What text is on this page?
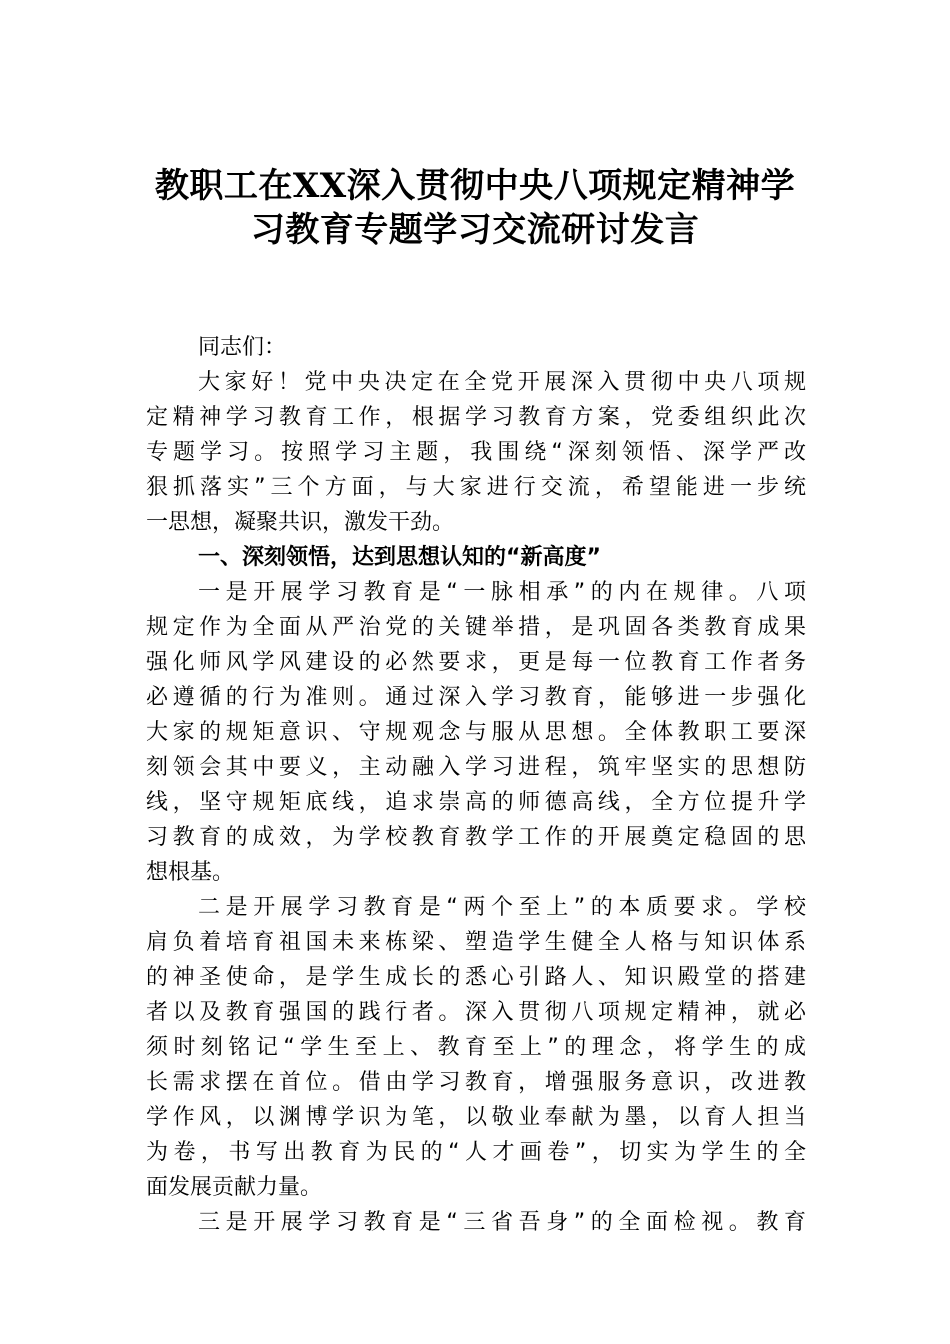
教职工在XX深入贯彻中央八项规定精神学
习教育专题学习交流研讨发言
同志们：
大家好！党中央决定在全党开展深入贯彻中央八项规
定精神学习教育工作，根据学习教育方案，党委组织此次
专题学习。按照学习主题，我围绕“深刻领悟、深学严改
狠抓落实”三个方面，与大家进行交流，希望能进一步统
一思想，凝聚共识，激发干劲。
一、深刻领悟，达到思想认知的“新高度”
一是开展学习教育是“一脉相承”的内在规律。八项
规定作为全面从严治党的关键举措，是巩固各类教育成果
强化师风学风建设的必然要求，更是每一位教育工作者务
必遵循的行为准则。通过深入学习教育，能够进一步强化
大家的规矩意识、守规观念与服从思想。全体教职工要深
刻领会其中要义，主动融入学习进程，筑牢坚实的思想防
线，坚守规矩底线，追求崇高的师德高线，全方位提升学
习教育的成效，为学校教育教学工作的开展奠定稳固的思
想根基。
二是开展学习教育是“两个至上”的本质要求。学校
肩负着培育祖国未来栋梁、塑造学生健全人格与知识体系
的神圣使命，是学生成长的悉心引路人、知识殿堂的搭建
者以及教育强国的践行者。深入贯彻八项规定精神，就必
须时刻铭记“学生至上、教育至上”的理念，将学生的成
长需求摆在首位。借由学习教育，增强服务意识，改进教
学作风，以渊博学识为笔，以敬业奉献为墨，以育人担当
为卷，书写出教育为民的“人才画卷”，切实为学生的全
面发展贡献力量。
三是开展学习教育是“三省吾身”的全面检视。教育
